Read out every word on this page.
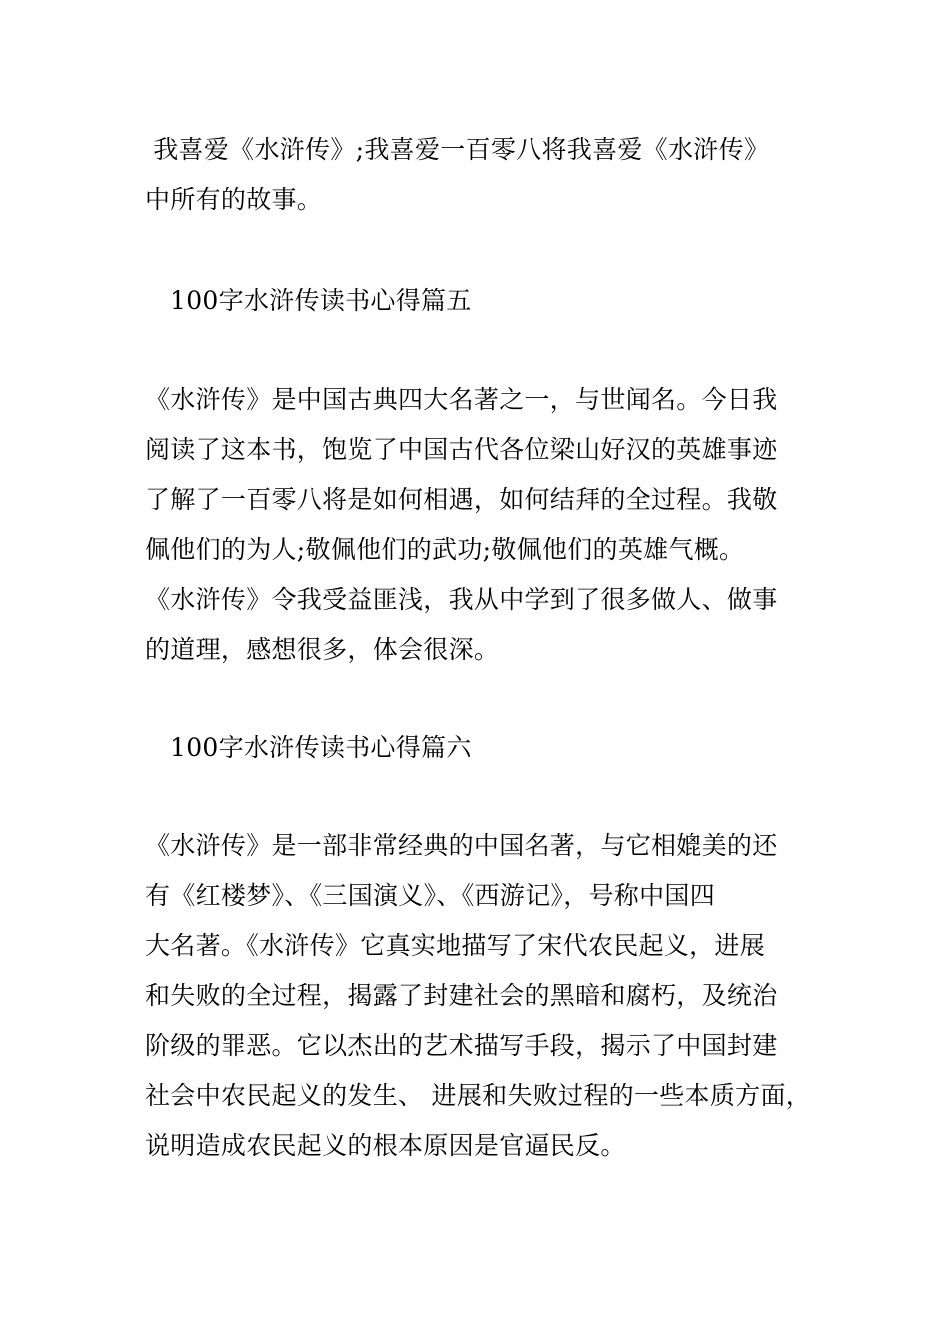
我喜爱《水浒传》;我喜爱一百零八将我喜爱《水浒传》
中所有的故事。
100字水浒传读书心得篇五
《水浒传》是中国古典四大名著之一，与世闻名。今日我
阅读了这本书，饱览了中国古代各位梁山好汉的英雄事迹
了解了一百零八将是如何相遇，如何结拜的全过程。我敬
佩他们的为人;敬佩他们的武功;敬佩他们的英雄气概。
《水浒传》令我受益匪浅，我从中学到了很多做人、做事
的道理，感想很多，体会很深。
100字水浒传读书心得篇六
《水浒传》是一部非常经典的中国名著，与它相媲美的还
有《红楼梦》、《三国演义》、《西游记》，号称中国四
大名著。《水浒传》它真实地描写了宋代农民起义，进展
和失败的全过程，揭露了封建社会的黑暗和腐朽，及统治
阶级的罪恶。它以杰出的艺术描写手段，揭示了中国封建
社会中农民起义的发生、 进展和失败过程的一些本质方面，
说明造成农民起义的根本原因是官逼民反。
